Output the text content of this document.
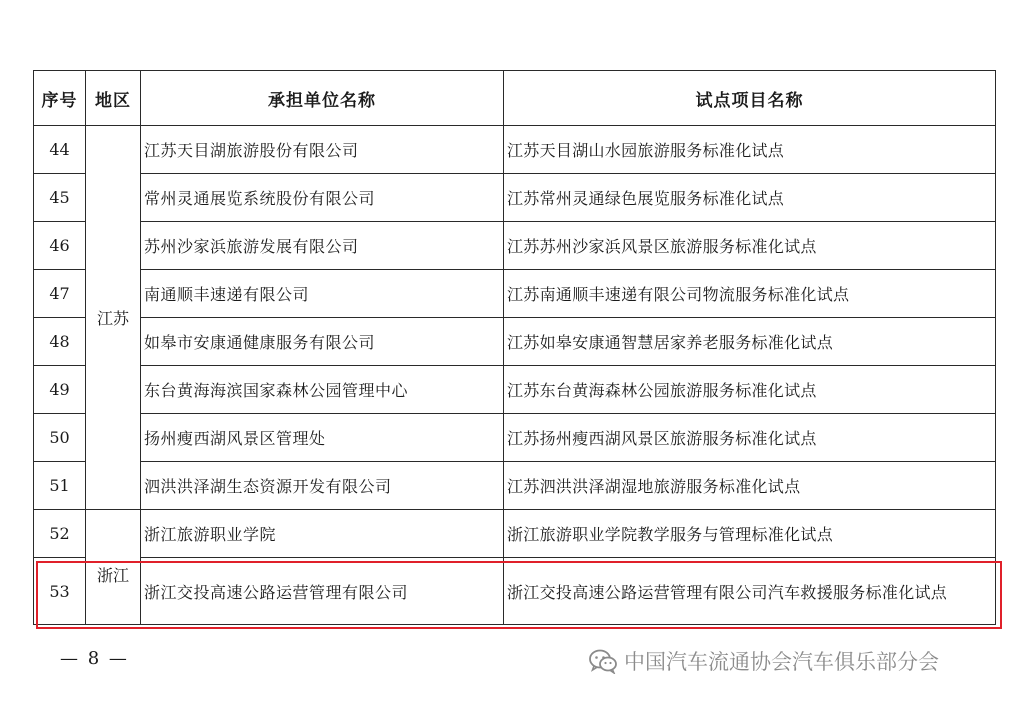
序号	地区	承担单位名称	试点项目名称
44	江苏	江苏天目湖旅游股份有限公司	江苏天目湖山水园旅游服务标准化试点
45		常州灵通展览系统股份有限公司	江苏常州灵通绿色展览服务标准化试点
46		苏州沙家浜旅游发展有限公司	江苏苏州沙家浜风景区旅游服务标准化试点
47		南通顺丰速递有限公司	江苏南通顺丰速递有限公司物流服务标准化试点
48		如皋市安康通健康服务有限公司	江苏如皋安康通智慧居家养老服务标准化试点
49		东台黄海海滨国家森林公园管理中心	江苏东台黄海森林公园旅游服务标准化试点
50		扬州瘦西湖风景区管理处	江苏扬州瘦西湖风景区旅游服务标准化试点
51		泗洪洪泽湖生态资源开发有限公司	江苏泗洪洪泽湖湿地旅游服务标准化试点
52	浙江	浙江旅游职业学院	浙江旅游职业学院教学服务与管理标准化试点
53		浙江交投高速公路运营管理有限公司	浙江交投高速公路运营管理有限公司汽车救援服务标准化试点
— 8 —	中国汽车流通协会汽车俱乐部分会
